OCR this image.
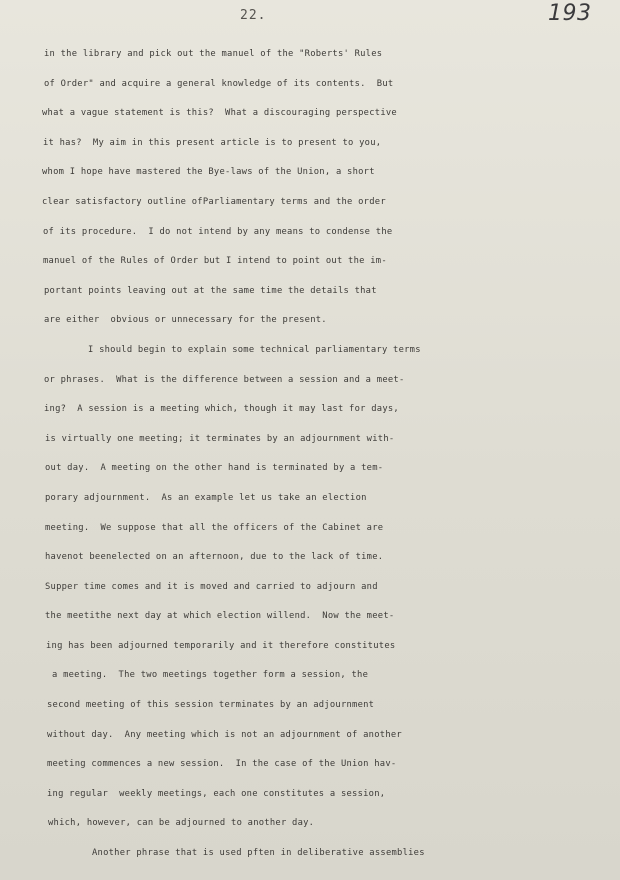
22.	193
in the library and pick out the manuel of the "Roberts' Rules
of Order" and acquire a general knowledge of its contents.  But
what a vague statement is this?  What a discouraging perspective
it has?  My aim in this present article is to present to you,
whom I hope have mastered the Bye-laws of the Union, a short
clear satisfactory outline ofParliamentary terms and the order
of its procedure.  I do not intend by any means to condense the
manuel of the Rules of Order but I intend to point out the im-
portant points leaving out at the same time the details that
are either  obvious or unnecessary for the present.
I should begin to explain some technical parliamentary terms
or phrases.  What is the difference between a session and a meet-
ing?  A session is a meeting which, though it may last for days,
is virtually one meeting; it terminates by an adjournment with-
out day.  A meeting on the other hand is terminated by a tem-
porary adjournment.  As an example let us take an election
meeting.  We suppose that all the officers of the Cabinet are
havenot beenelected on an afternoon, due to the lack of time.
Supper time comes and it is moved and carried to adjourn and
the meetithe next day at which election willend.  Now the meet-
ing has been adjourned temporarily and it therefore constitutes
a meeting.  The two meetings together form a session, the
second meeting of this session terminates by an adjournment
without day.  Any meeting which is not an adjournment of another
meeting commences a new session.  In the case of the Union hav-
ing regular  weekly meetings, each one constitutes a session,
which, however, can be adjourned to another day.
Another phrase that is used pften in deliberative assemblies
